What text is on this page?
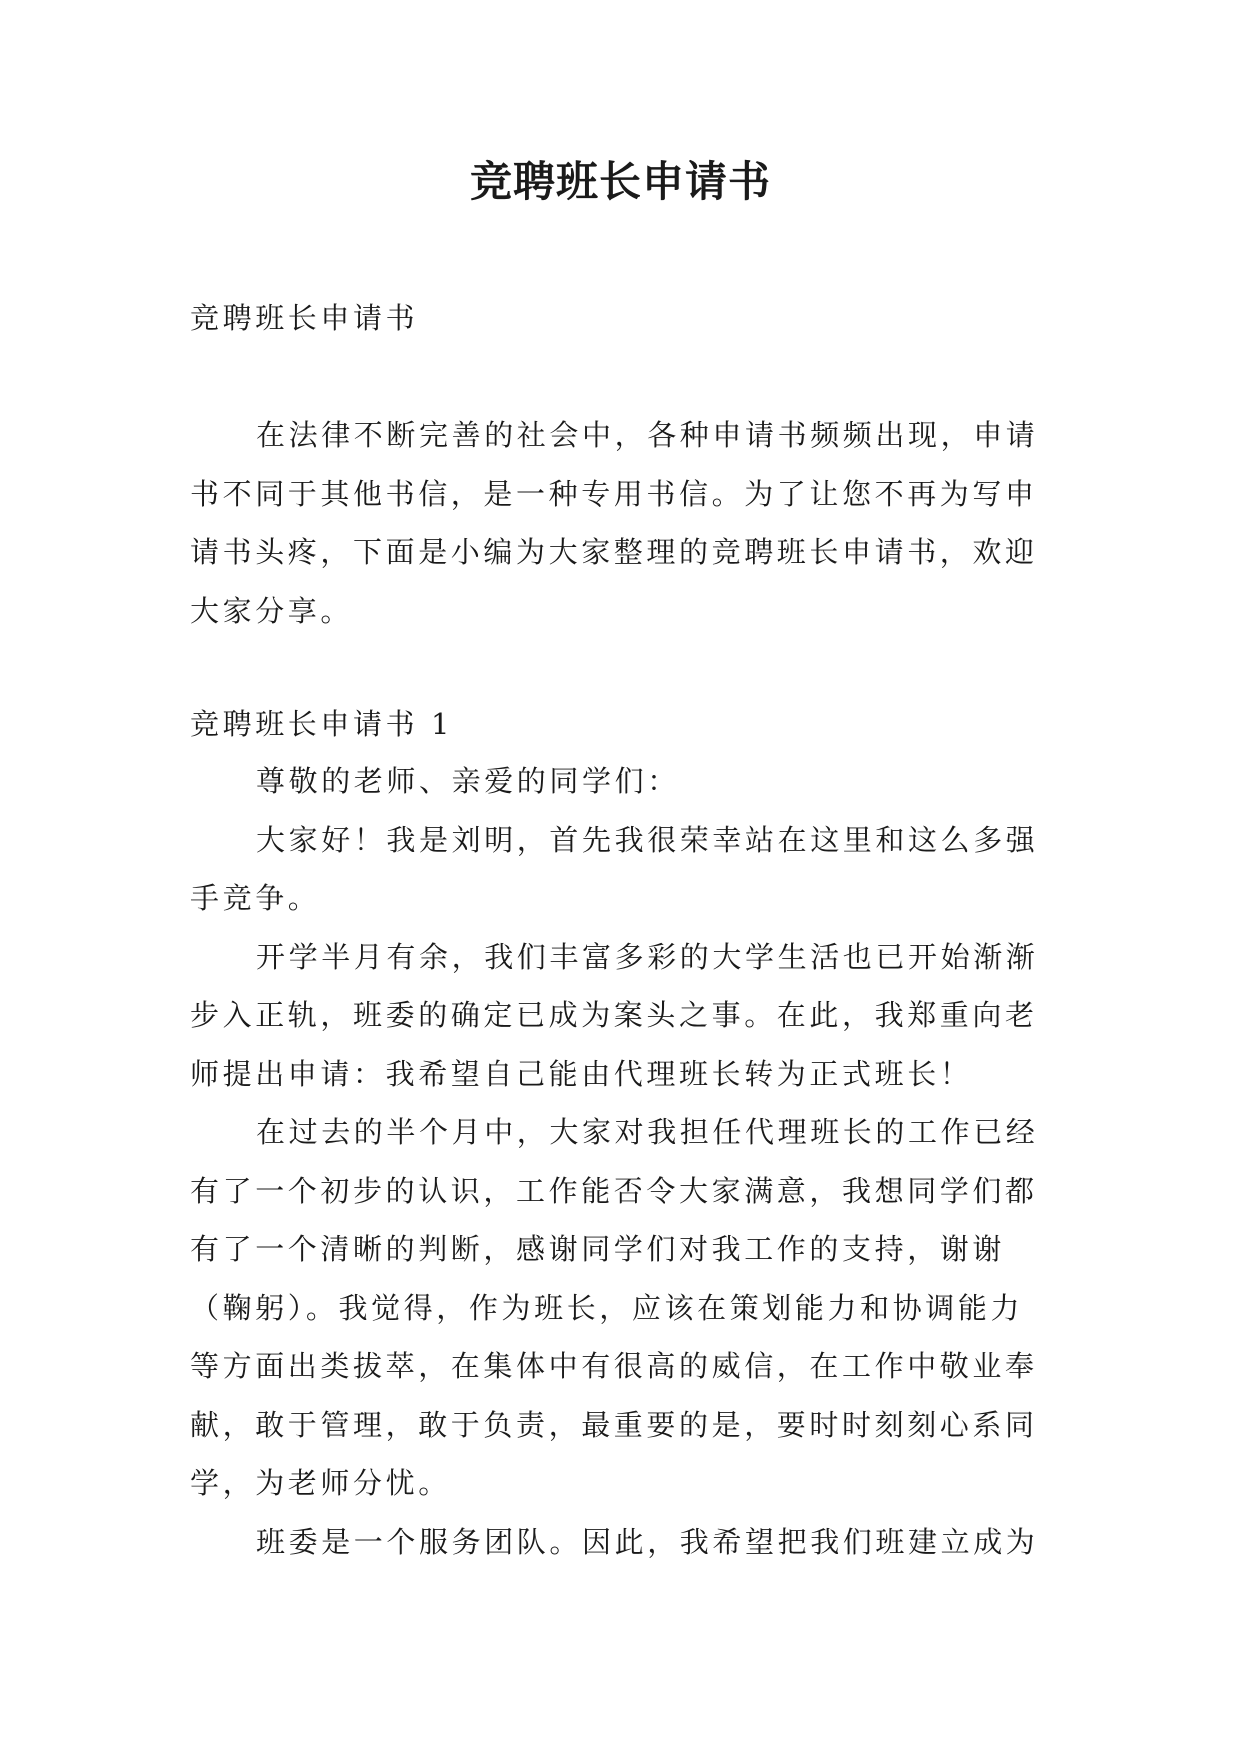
竞聘班长申请书

竞聘班长申请书

在法律不断完善的社会中，各种申请书频频出现，申请书不同于其他书信，是一种专用书信。为了让您不再为写申请书头疼，下面是小编为大家整理的竞聘班长申请书，欢迎大家分享。

竞聘班长申请书 1

尊敬的老师、亲爱的同学们：

大家好！我是刘明，首先我很荣幸站在这里和这么多强手竞争。

开学半月有余，我们丰富多彩的大学生活也已开始渐渐步入正轨，班委的确定已成为案头之事。在此，我郑重向老师提出申请：我希望自己能由代理班长转为正式班长！

在过去的半个月中，大家对我担任代理班长的工作已经有了一个初步的认识，工作能否令大家满意，我想同学们都有了一个清晰的判断，感谢同学们对我工作的支持，谢谢（鞠躬）。我觉得，作为班长，应该在策划能力和协调能力等方面出类拔萃，在集体中有很高的威信，在工作中敬业奉献，敢于管理，敢于负责，最重要的是，要时时刻刻心系同学，为老师分忧。

班委是一个服务团队。因此，我希望把我们班建立成为
